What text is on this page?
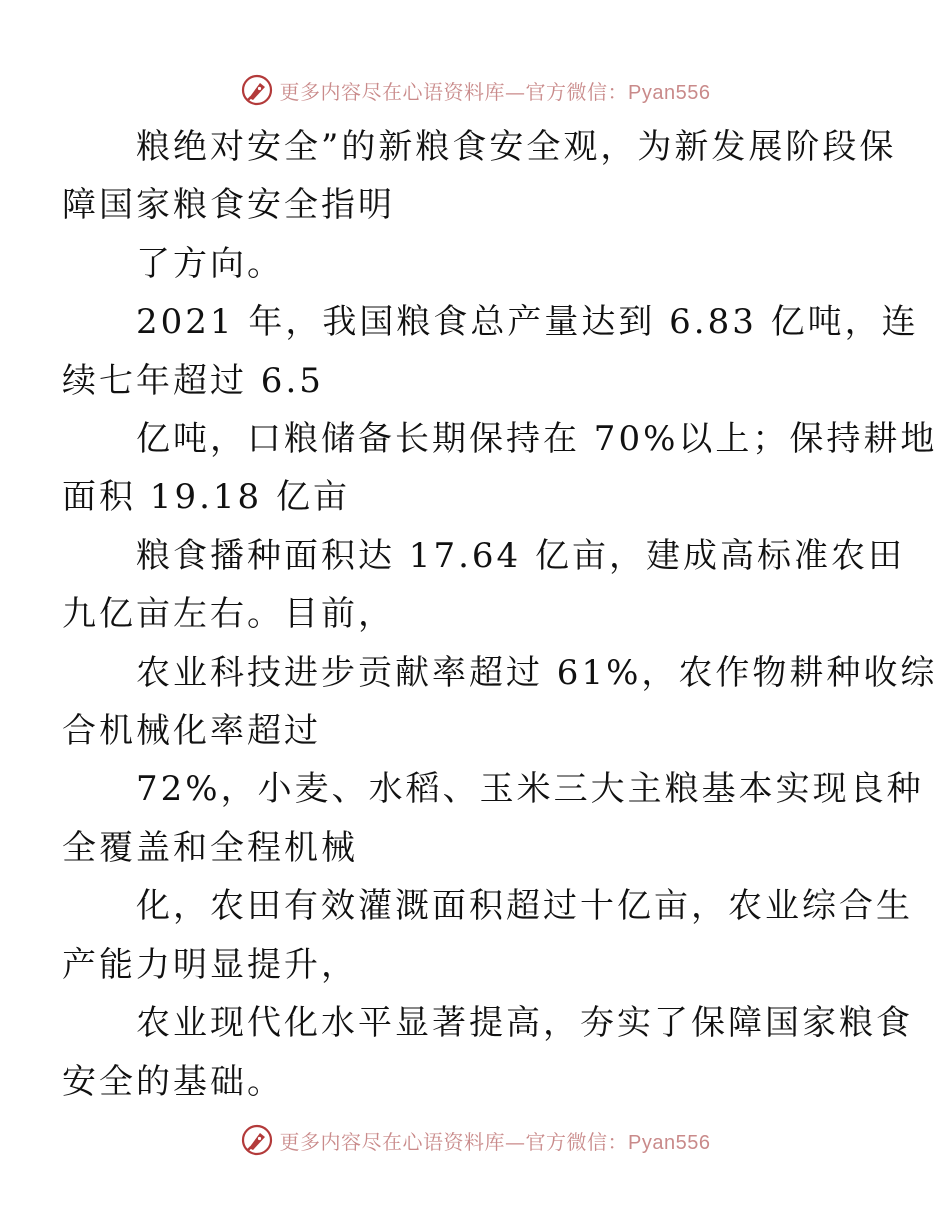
更多内容尽在心语资料库—官方微信：Pyan556

粮绝对安全”的新粮食安全观，为新发展阶段保
障国家粮食安全指明

了方向。

2021 年，我国粮食总产量达到 6.83 亿吨，连
续七年超过 6.5

亿吨，口粮储备长期保持在 70%以上；保持耕地
面积 19.18 亿亩

粮食播种面积达 17.64 亿亩，建成高标准农田
九亿亩左右。目前，

农业科技进步贡献率超过 61%，农作物耕种收综
合机械化率超过

72%，小麦、水稻、玉米三大主粮基本实现良种
全覆盖和全程机械

化，农田有效灌溉面积超过十亿亩，农业综合生
产能力明显提升，

农业现代化水平显著提高，夯实了保障国家粮食
安全的基础。

更多内容尽在心语资料库—官方微信：Pyan556
